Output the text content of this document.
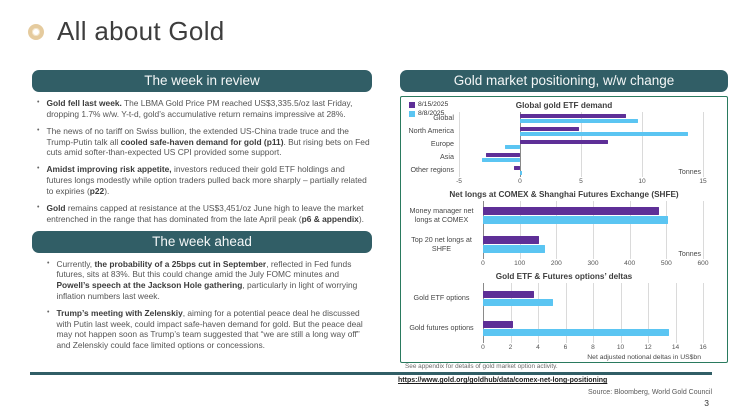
All about Gold
The week in review
• Gold fell last week. The LBMA Gold Price PM reached US$3,335.5/oz last Friday, dropping 1.7% w/w. Y-t-d, gold’s accumulative return remains impressive at 28%.
• The news of no tariff on Swiss bullion, the extended US-China trade truce and the Trump-Putin talk all cooled safe-haven demand for gold (p11). But rising bets on Fed cuts amid softer-than-expected US CPI provided some support.
• Amidst improving risk appetite, investors reduced their gold ETF holdings and futures longs modestly while option traders pulled back more sharply – partially related to expiries (p22).
• Gold remains capped at resistance at the US$3,451/oz June high to leave the market entrenched in the range that has dominated from the late April peak (p6 & appendix).
The week ahead
• Currently, the probability of a 25bps cut in September, reflected in Fed funds futures, sits at 83%. But this could change amid the July FOMC minutes and Powell’s speech at the Jackson Hole gathering, particularly in light of worrying inflation numbers last week.
• Trump’s meeting with Zelenskiy, aiming for a potential peace deal he discussed with Putin last week, could impact safe-haven demand for gold. But the peace deal may not happen soon as Trump’s team suggested that “we are still a long way off” and Zelenskiy could face limited options or concessions.
Gold market positioning, w/w change
8/15/2025
8/8/2025
Global gold ETF demand
Global
North America
Europe
Asia
Other regions	Tonnes
-5	0	5	10	15
Net longs at COMEX & Shanghai Futures Exchange (SHFE)
Money manager net longs at COMEX
Top 20 net longs at SHFE
Tonnes
0	100	200	300	400	500	600
Gold ETF & Futures options’ deltas
Gold ETF options
Gold futures options
0	2	4	6	8	10	12	14	16
Net adjusted notional deltas in US$bn
See appendix for details of gold market option activity.
https://www.gold.org/goldhub/data/comex-net-long-positioning
Source: Bloomberg, World Gold Council
3
